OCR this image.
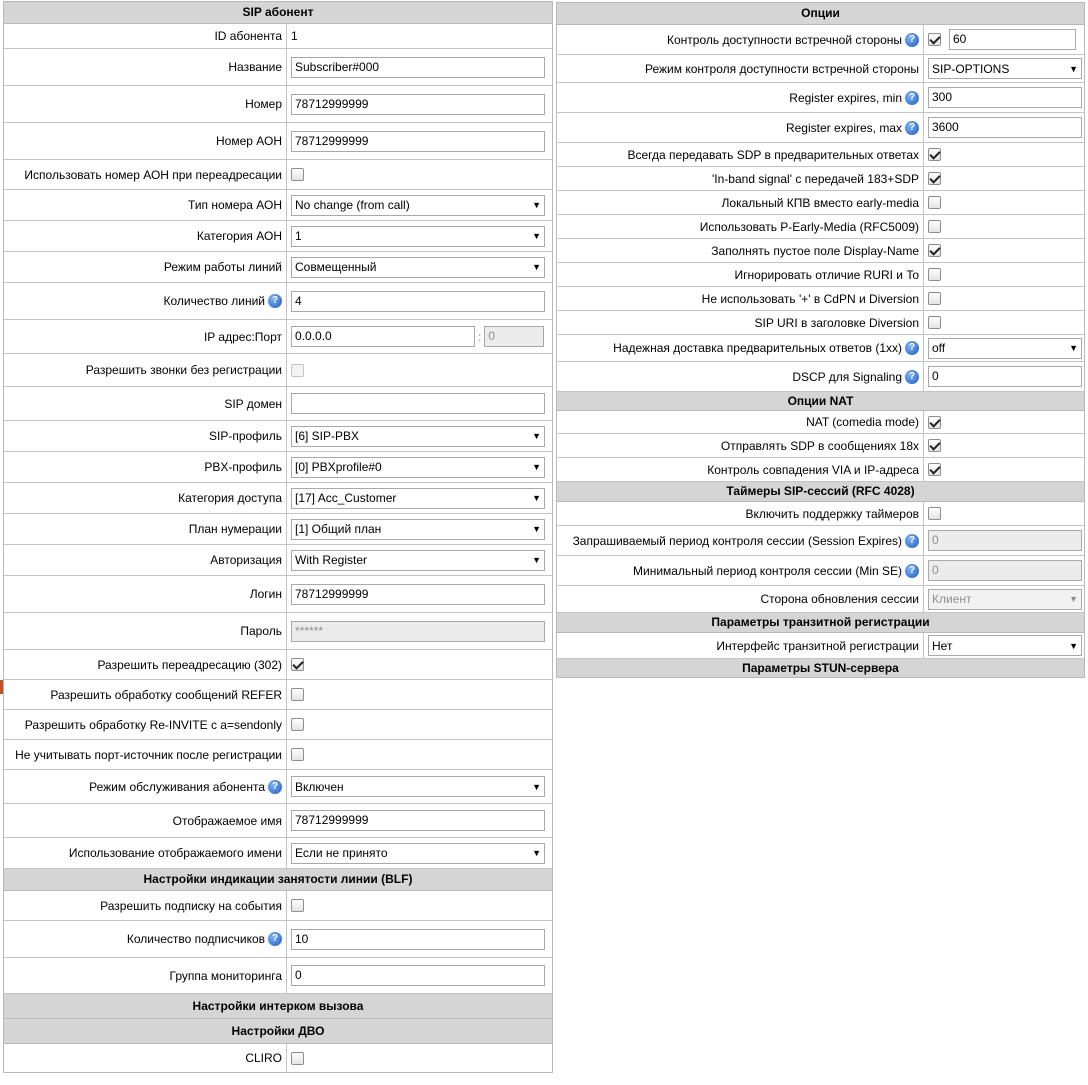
SIP абонент
ID абонента 1
Название	Subscriber#000
Номер	78712999999
Номер АОН	78712999999
Использовать номер АОН при переадресации
Тип номера АОН	No change (from call)	▼
Категория АОН	1	▼
Режим работы линий	Совмещенный	▼
Количество линий ?	4
IP адрес:Порт	0.0.0.0	: 0
Разрешить звонки без регистрации
SIP домен
SIP-профиль	[6] SIP-PBX	▼
PBX-профиль	[0] PBXprofile#0	▼
Категория доступа	[17] Acc_Customer	▼
План нумерации	[1] Общий план	▼
Авторизация	With Register	▼
Логин	78712999999
Пароль	******
Разрешить переадресацию (302)
Разрешить обработку сообщений REFER
Разрешить обработку Re-INVITE с a=sendonly
Не учитывать порт-источник после регистрации
Режим обслуживания абонента ?	Включен	▼
Отображаемое имя	78712999999
Использование отображаемого имени	Если не принято	▼
Настройки индикации занятости линии (BLF)
Разрешить подписку на события
Количество подписчиков ?	10
Группа мониторинга	0
Настройки интерком вызова
Настройки ДВО
CLIRO
Опции
Контроль доступности встречной стороны ?	60
Режим контроля доступности встречной стороны	SIP-OPTIONS	▼
Register expires, min ?	300
Register expires, max ?	3600
Всегда передавать SDP в предварительных ответах
'In-band signal' с передачей 183+SDP
Локальный КПВ вместо early-media
Использовать P-Early-Media (RFC5009)
Заполнять пустое поле Display-Name
Игнорировать отличие RURI и To
Не использовать '+' в CdPN и Diversion
SIP URI в заголовке Diversion
Надежная доставка предварительных ответов (1xx) ?	off	▼
DSCP для Signaling ?	0
Опции NAT
NAT (comedia mode)
Отправлять SDP в сообщениях 18x
Контроль совпадения VIA и IP-адреса
Таймеры SIP-сессий (RFC 4028)
Включить поддержку таймеров
Запрашиваемый период контроля сессии (Session Expires) ?	0
Минимальный период контроля сессии (Min SE) ?	0
Сторона обновления сессии	Клиент	▼
Параметры транзитной регистрации
Интерфейс транзитной регистрации	Нет	▼
Параметры STUN-сервера
